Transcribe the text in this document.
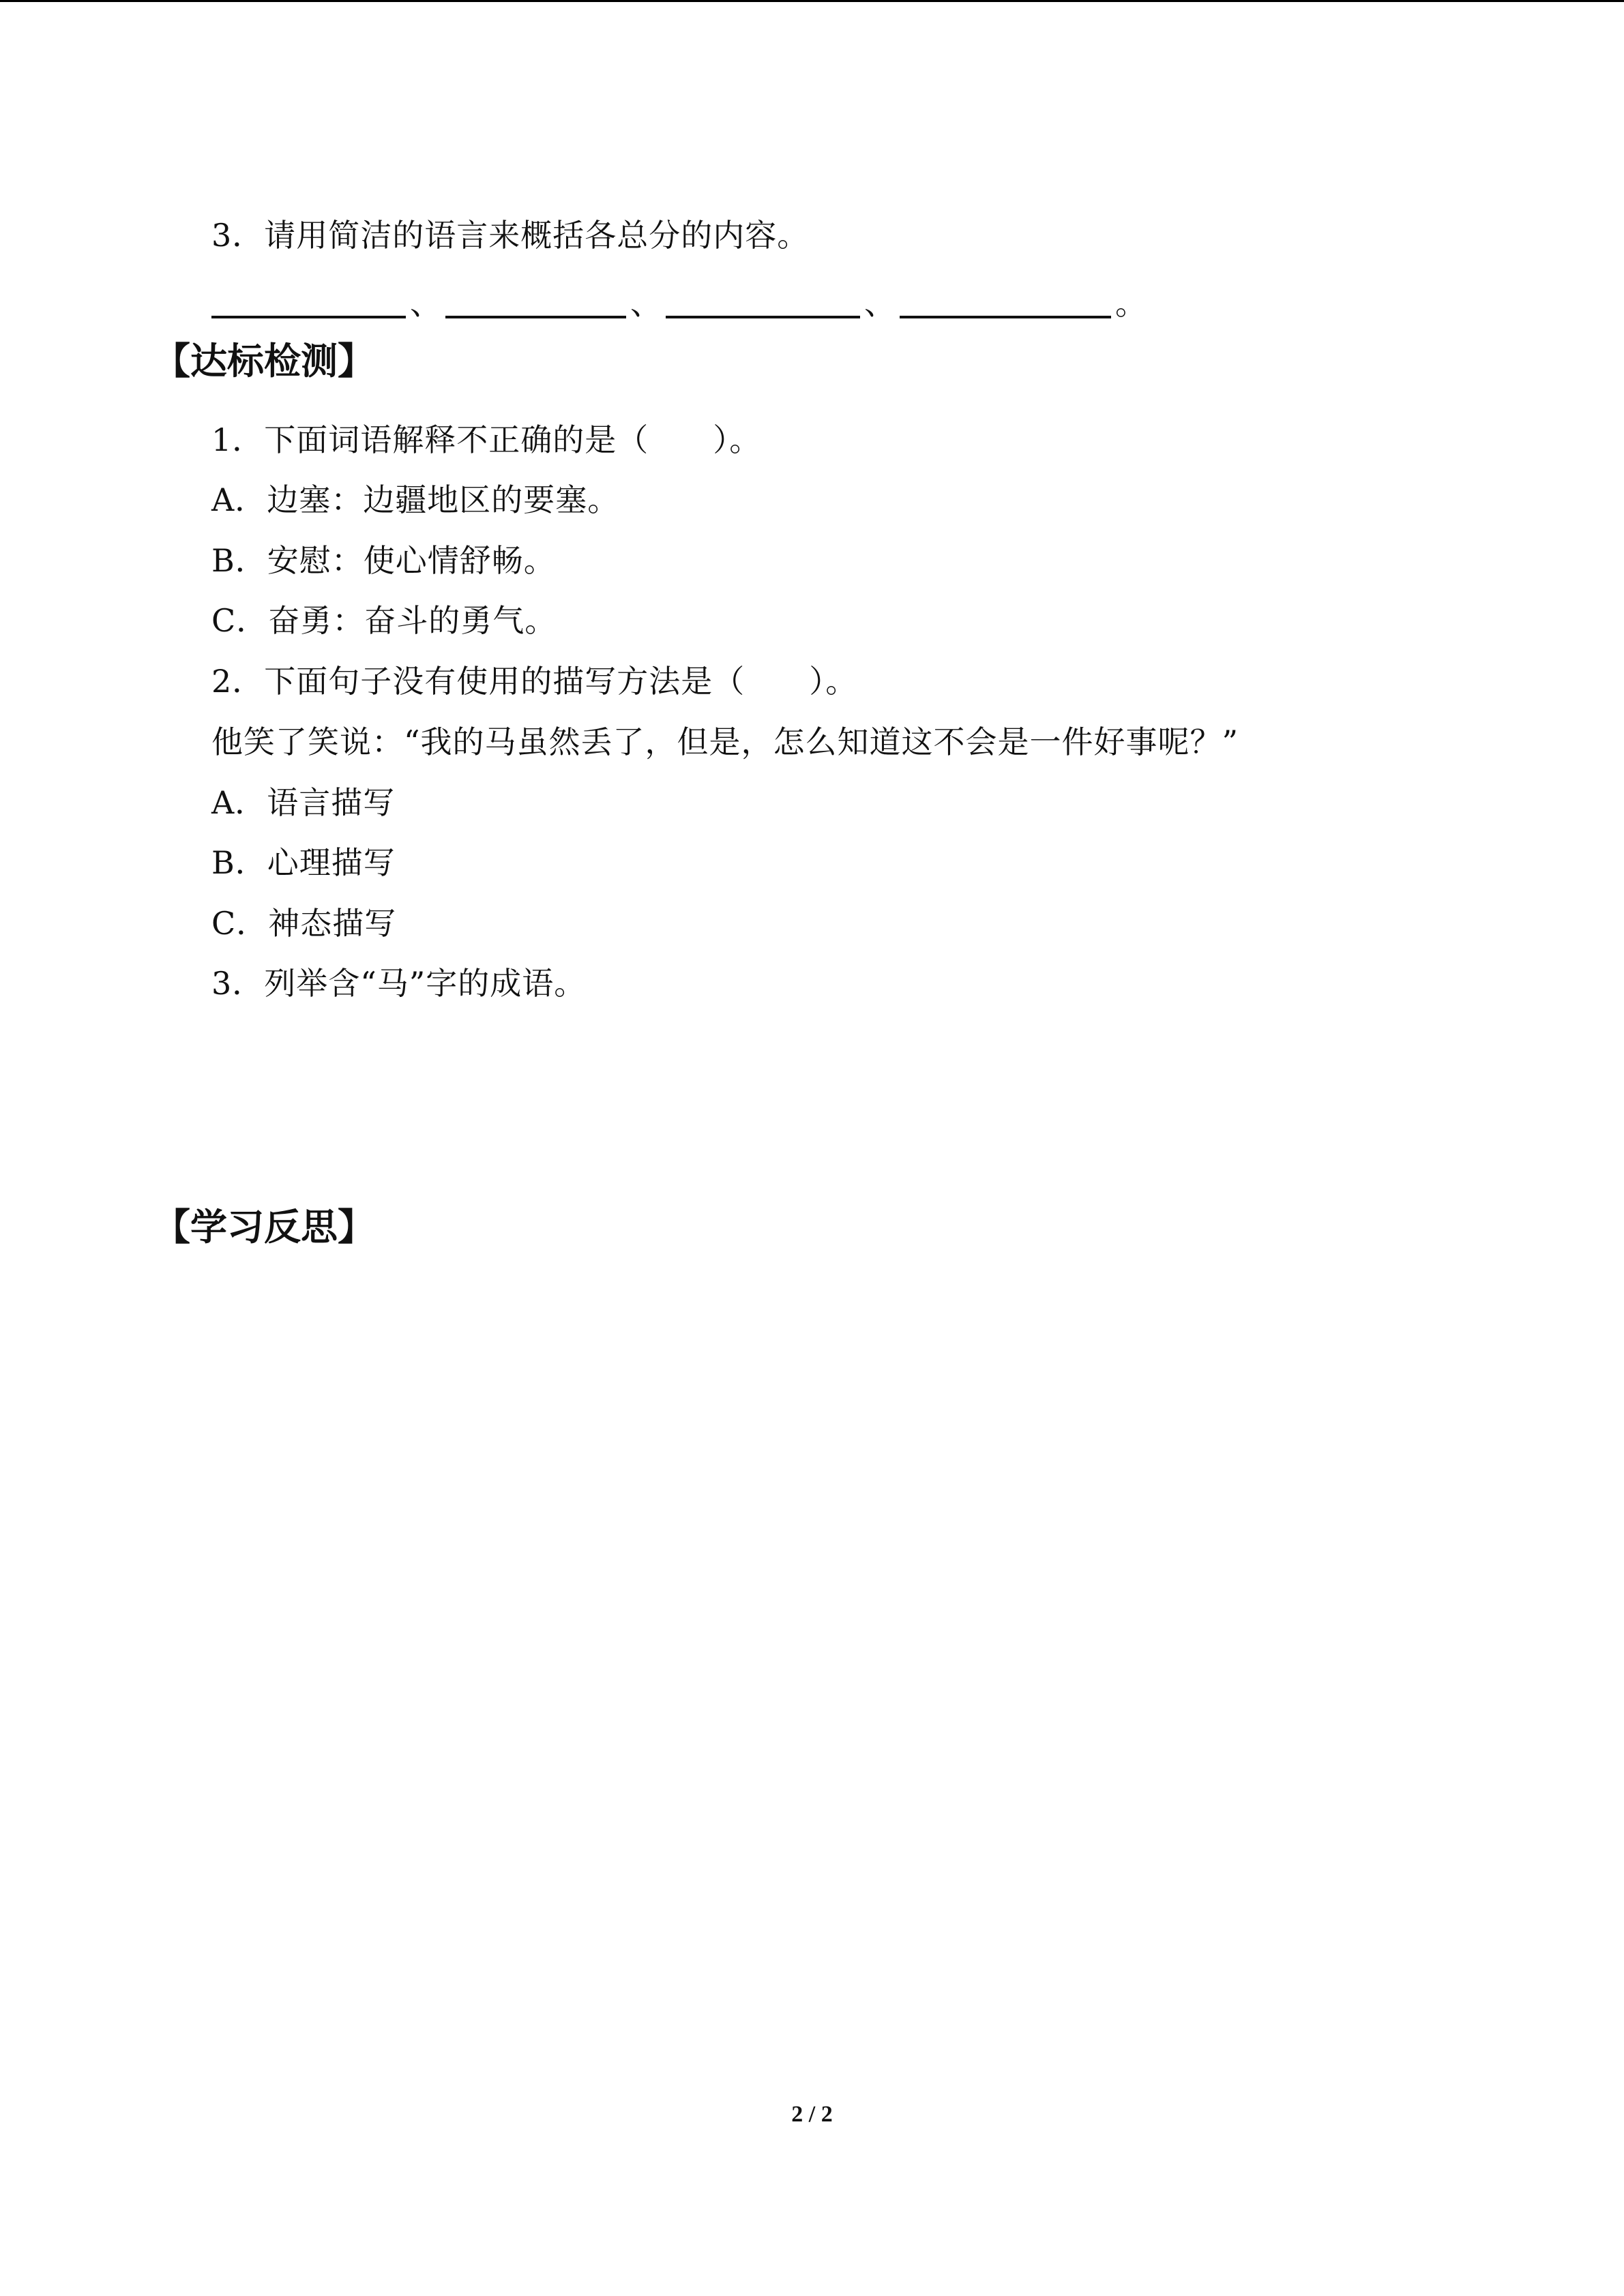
3．请用简洁的语言来概括各总分的内容。
、	、	、	。
【达标检测】
1．下面词语解释不正确的是（　　）。
A．边塞：边疆地区的要塞。
B．安慰：使心情舒畅。
C．奋勇：奋斗的勇气。
2．下面句子没有使用的描写方法是（　　）。
他笑了笑说：“我的马虽然丢了，但是，怎么知道这不会是一件好事呢？”
A．语言描写
B．心理描写
C．神态描写
3．列举含“马”字的成语。
【学习反思】
2 / 2
